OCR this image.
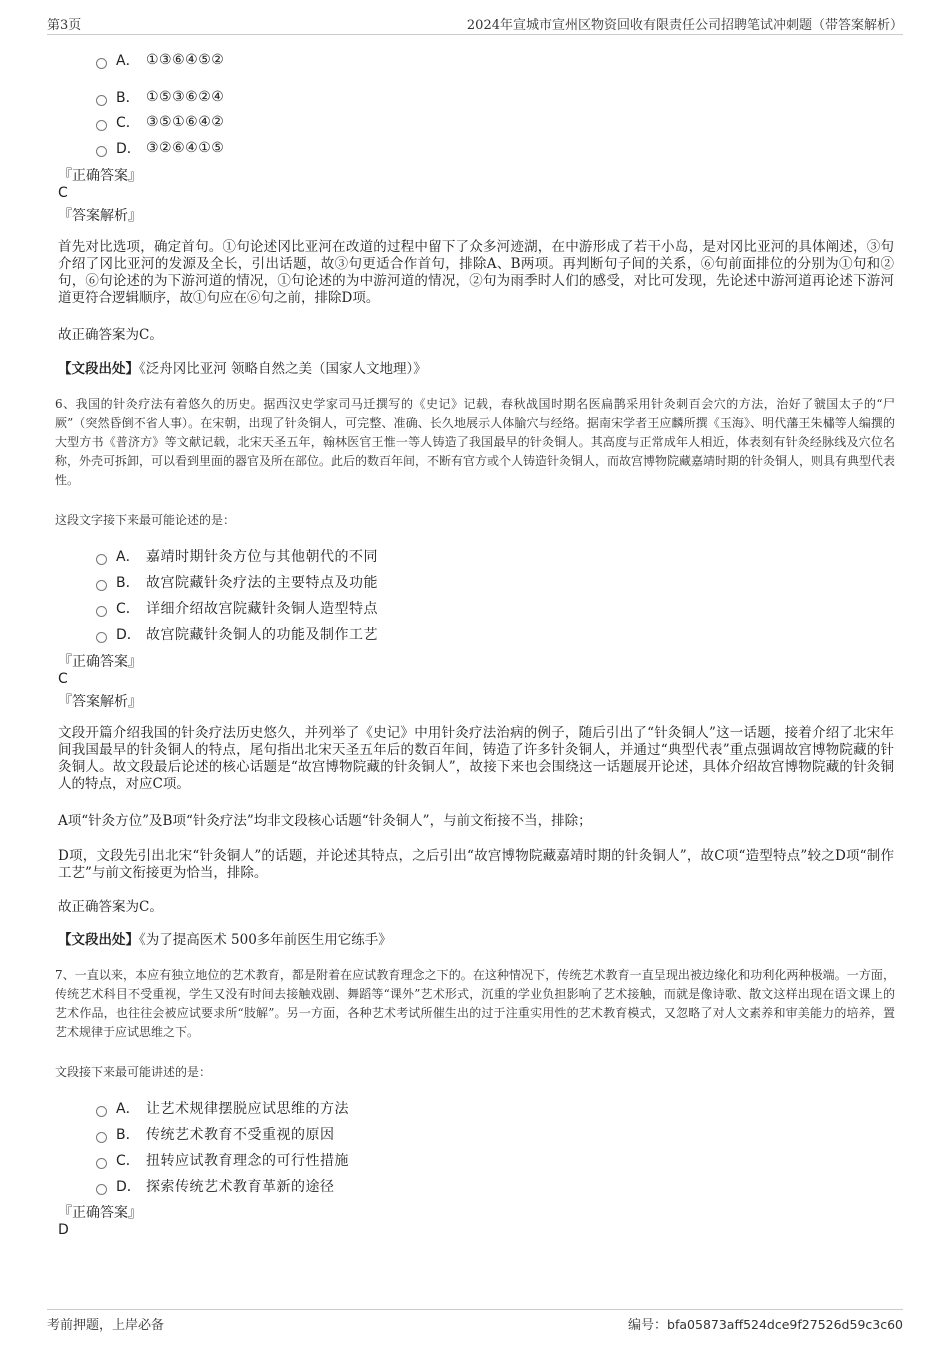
第3页	2024年宣城市宣州区物资回收有限责任公司招聘笔试冲刺题（带答案解析）
A． ①③⑥④⑤②
B． ①⑤③⑥②④
C． ③⑤①⑥④②
D． ③②⑥④①⑤
『正确答案』
C
『答案解析』
首先对比选项，确定首句。①句论述冈比亚河在改道的过程中留下了众多河迹湖，在中游形成了若干小岛，是对冈比亚河的具体阐述，③句介绍了冈比亚河的发源及全长，引出话题，故③句更适合作首句，排除A、B两项。再判断句子间的关系，⑥句前面排位的分别为①句和②句，⑥句论述的为下游河道的情况，①句论述的为中游河道的情况，②句为雨季时人们的感受，对比可发现，先论述中游河道再论述下游河道更符合逻辑顺序，故①句应在⑥句之前，排除D项。
故正确答案为C。
【文段出处】《泛舟冈比亚河 领略自然之美（国家人文地理）》
6、我国的针灸疗法有着悠久的历史。据西汉史学家司马迁撰写的《史记》记载，春秋战国时期名医扁鹊采用针灸刺百会穴的方法，治好了虢国太子的“尸厥”（突然昏倒不省人事）。在宋朝，出现了针灸铜人，可完整、准确、长久地展示人体腧穴与经络。据南宋学者王应麟所撰《玉海》、明代藩王朱橚等人编撰的大型方书《普济方》等文献记载，北宋天圣五年，翰林医官王惟一等人铸造了我国最早的针灸铜人。其高度与正常成年人相近，体表刻有针灸经脉线及穴位名称，外壳可拆卸，可以看到里面的器官及所在部位。此后的数百年间，不断有官方或个人铸造针灸铜人，而故宫博物院藏嘉靖时期的针灸铜人，则具有典型代表性。
这段文字接下来最可能论述的是：
A． 嘉靖时期针灸方位与其他朝代的不同
B． 故宫院藏针灸疗法的主要特点及功能
C． 详细介绍故宫院藏针灸铜人造型特点
D． 故宫院藏针灸铜人的功能及制作工艺
『正确答案』
C
『答案解析』
文段开篇介绍我国的针灸疗法历史悠久，并列举了《史记》中用针灸疗法治病的例子，随后引出了“针灸铜人”这一话题，接着介绍了北宋年间我国最早的针灸铜人的特点，尾句指出北宋天圣五年后的数百年间，铸造了许多针灸铜人，并通过“典型代表”重点强调故宫博物院藏的针灸铜人。故文段最后论述的核心话题是“故宫博物院藏的针灸铜人”，故接下来也会围绕这一话题展开论述，具体介绍故宫博物院藏的针灸铜人的特点，对应C项。
A项“针灸方位”及B项“针灸疗法”均非文段核心话题“针灸铜人”，与前文衔接不当，排除；
D项，文段先引出北宋“针灸铜人”的话题，并论述其特点，之后引出“故宫博物院藏嘉靖时期的针灸铜人”，故C项“造型特点”较之D项“制作工艺”与前文衔接更为恰当，排除。
故正确答案为C。
【文段出处】《为了提高医术 500多年前医生用它练手》
7、一直以来，本应有独立地位的艺术教育，都是附着在应试教育理念之下的。在这种情况下，传统艺术教育一直呈现出被边缘化和功利化两种极端。一方面，传统艺术科目不受重视，学生又没有时间去接触戏剧、舞蹈等“课外”艺术形式，沉重的学业负担影响了艺术接触，而就是像诗歌、散文这样出现在语文课上的艺术作品，也往往会被应试要求所“肢解”。另一方面，各种艺术考试所催生出的过于注重实用性的艺术教育模式，又忽略了对人文素养和审美能力的培养，置艺术规律于应试思维之下。
文段接下来最可能讲述的是：
A． 让艺术规律摆脱应试思维的方法
B． 传统艺术教育不受重视的原因
C． 扭转应试教育理念的可行性措施
D． 探索传统艺术教育革新的途径
『正确答案』
D
考前押题，上岸必备	编号：bfa05873aff524dce9f27526d59c3c60
